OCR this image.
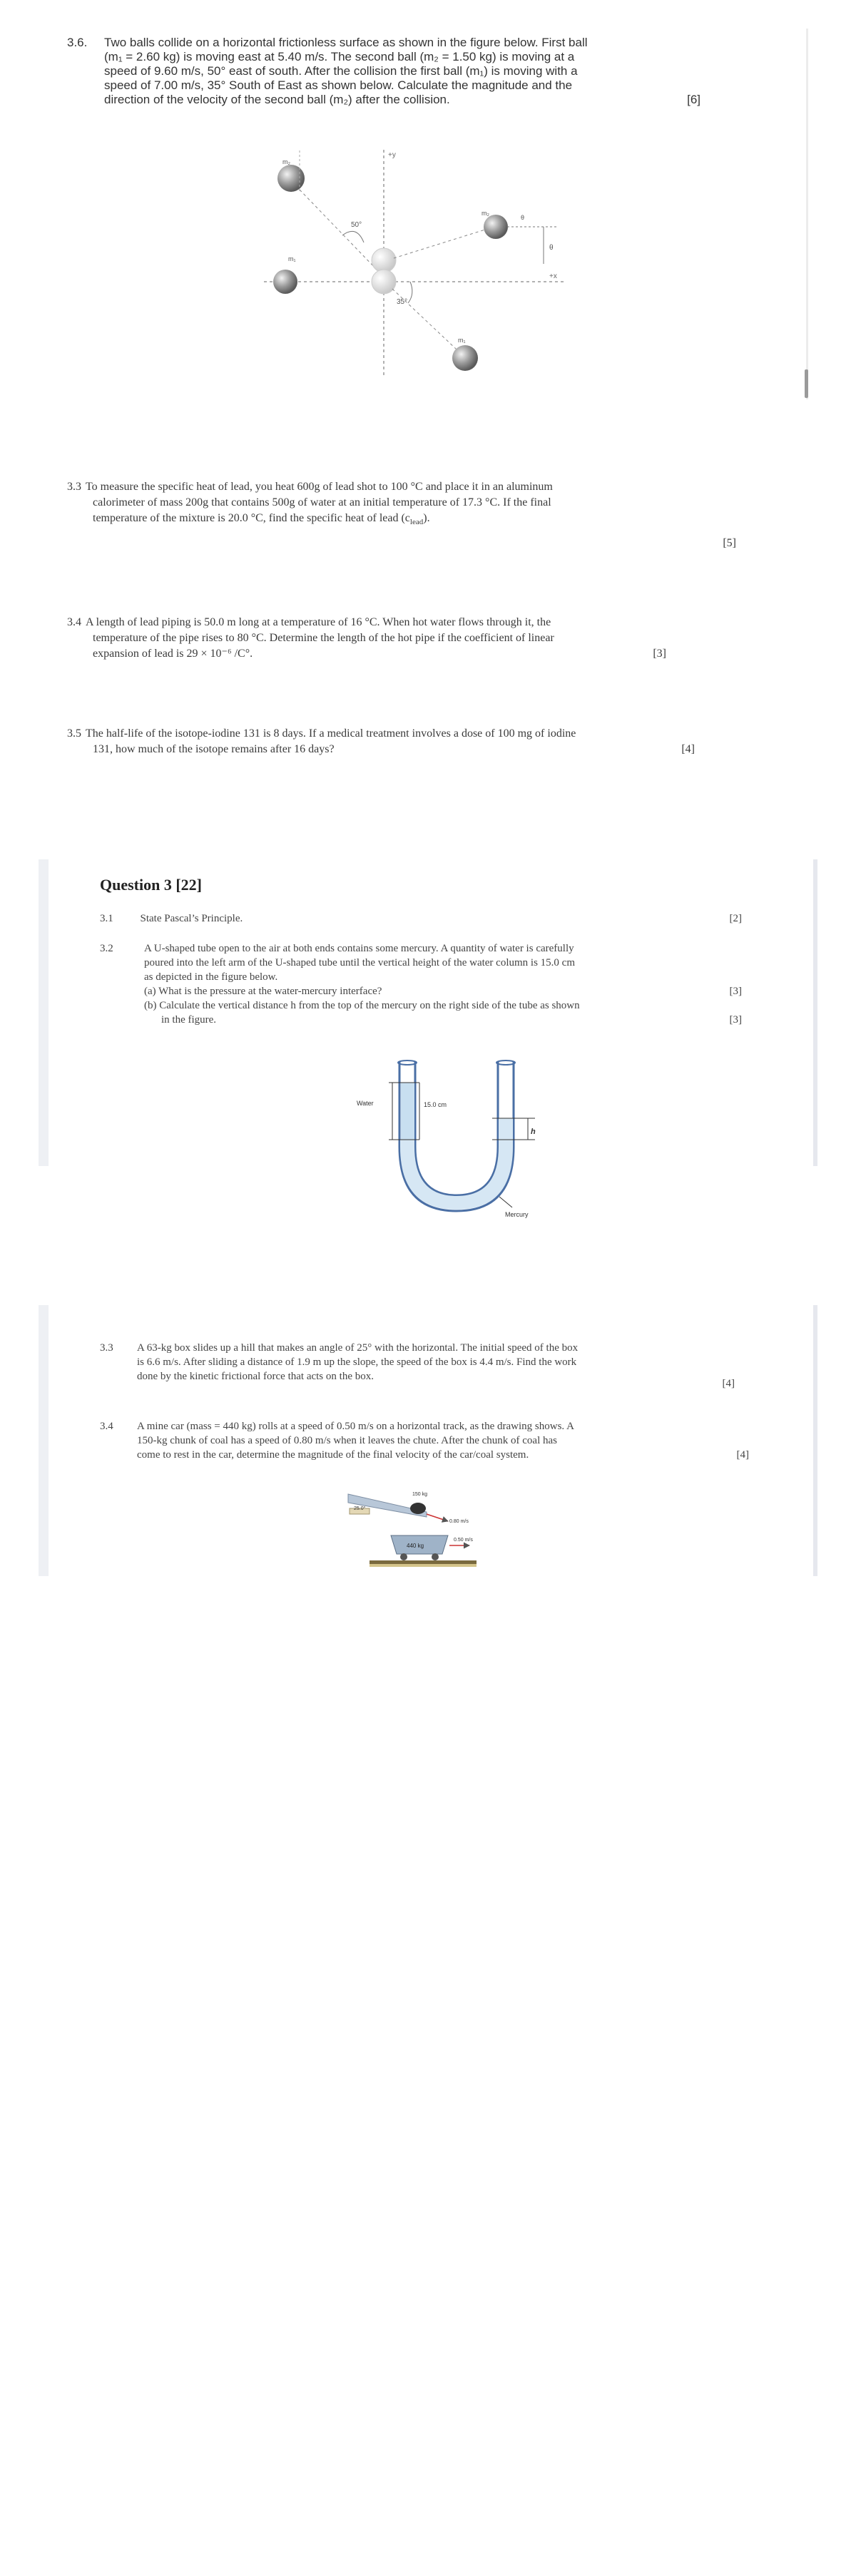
3.6.	Two balls collide on a horizontal frictionless surface as shown in the figure below. First ball

(m₁ = 2.60 kg) is moving east at 5.40 m/s. The second ball (m₂ = 1.50 kg) is moving at a

speed of 9.60 m/s, 50° east of south. After the collision the first ball (m₁) is moving with a

speed of 7.00 m/s, 35° South of East as shown below. Calculate the magnitude and the

direction of the velocity of the second ball (m₂) after the collision.	[6]
+y
+x
m₂
50°
m₁
m₂
θ
θ
m₁
35°
3.3 To measure the specific heat of lead, you heat 600g of lead shot to 100 °C and place it in an aluminum
calorimeter of mass 200g that contains 500g of water at an initial temperature of 17.3 °C. If the final
temperature of the mixture is 20.0 °C, find the specific heat of lead $(c_{lead})$.
[5]
3.4 A length of lead piping is 50.0 m long at a temperature of 16 °C. When hot water flows through it, the
temperature of the pipe rises to 80 °C. Determine the length of the hot pipe if the coefficient of linear
expansion of lead is 29 × 10⁻⁶ /C°.	[3]
3.5 The half-life of the isotope-iodine 131 is 8 days. If a medical treatment involves a dose of 100 mg of iodine
131, how much of the isotope remains after 16 days?	[4]
Question 3 [22]
3.1	State Pascal’s Principle.	[2]
3.2	A U-shaped tube open to the air at both ends contains some mercury. A quantity of water is carefully
poured into the left arm of the U-shaped tube until the vertical height of the water column is 15.0 cm
as depicted in the figure below.
(a) What is the pressure at the water-mercury interface?	[3]
(b) Calculate the vertical distance h from the top of the mercury on the right side of the tube as shown
in the figure.	[3]
Water	15.0 cm
h
Mercury
3.3	A 63-kg box slides up a hill that makes an angle of 25° with the horizontal. The initial speed of the box
is 6.6 m/s. After sliding a distance of 1.9 m up the slope, the speed of the box is 4.4 m/s. Find the work
done by the kinetic frictional force that acts on the box.
[4]
3.4	A mine car (mass = 440 kg) rolls at a speed of 0.50 m/s on a horizontal track, as the drawing shows. A
150-kg chunk of coal has a speed of 0.80 m/s when it leaves the chute. After the chunk of coal has
come to rest in the car, determine the magnitude of the final velocity of the car/coal system.	[4]
25.0°
150 kg
0.80 m/s
440 kg
0.50 m/s
